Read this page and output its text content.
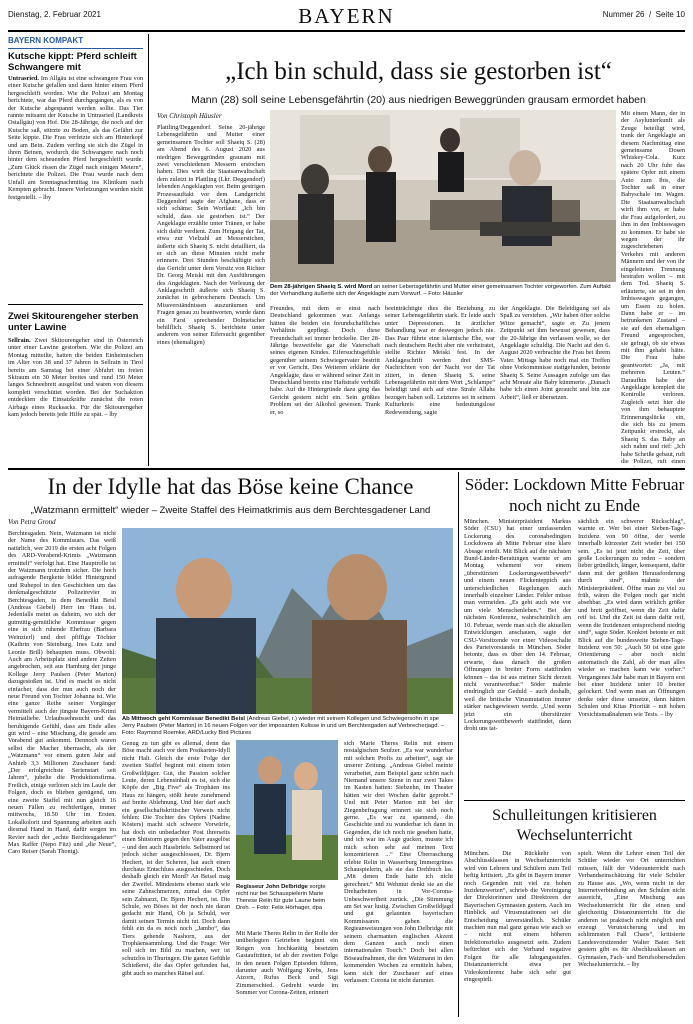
Dienstag, 2. Februar 2021	BAYERN	Nummer 26  /  Seite 10
BAYERN KOMPAKT
Kutsche kippt: Pferd schleift Schwangere mit

Untrasried. Im Allgäu ist eine schwangere Frau von einer Kutsche gefallen und dann hinter einem Pferd hergeschleift worden. Wie die Polizei am Montag berichtete, war das Pferd durchgegangen, als es von der Kutsche abgespannt werden sollte. Das Tier rannte mitsamt der Kutsche in Untrasried (Landkreis Ostallgäu) von Hof. Die 28-Jährige, die noch auf der Kutsche saß, stürzte zu Boden, als das Gefährt zur Seite kippte. Die Frau verfetzte sich am Hinterkopf und am Bein. Zudem verfing sie sich die Zügel in ihren Beinen, wodurch die Schwangere nach noch hinter dem scheuenden Pferd hergeschleift wurde. „Zum Glück rissen die Zügel nach einigen Metern“, berichtete die Polizei. Die Frau wurde nach dem Unfall am Sonntagnachmittag ins Klinikum nach Kempten gebracht. Innere Verletzungen wurden nicht festgestellt. – lby

Zwei Skitourengeher sterben unter Lawine

Sellrain. Zwei Skitourengeher sind in Österreich unter einer Lawine gestorben. Wie die Polizei am Montag mitteilte, hatten die beiden Einheimischen im Alter von 38 und 37 Jahren in Sellrain in Tirol bereits am Samstag bei einer Abfahrt im freien Skiraum ein 30 Meter breites und rund 150 Meter langes Schneebrett ausgelöst und waren von diesem komplett verschüttet worden. Bei der Suchaktion entdeckten die Einsatzkräfte zunächst die roten Airbags eines Rucksacks. Für die Skitourengeher kam jedoch bereits jede Hilfe zu spät. – lby

„Ich bin schuld, dass sie gestorben ist“
Mann (28) soll seine Lebensgefährtin (20) aus niedrigen Beweggründen grausam ermordet haben
Von Christoph Häusler
Plattling/Deggendorf. Seine 20-jährige Lebensgefährtin und Mutter einer gemeinsamen Tochter soll Shaeiq S. (28) am Abend des 6. August 2020 aus niedrigen Beweggründen grausam mit zwei verschiedenen Messern erstochen haben. Dies wirft die Staatsanwaltschaft dem zuletzt in Plattling (Lkr. Deggendorf) lebenden Angeklagten vor. Beim gestrigen Prozessauftakt vor dem Landgericht Deggendorf sagte der Afghane, dass er sich schäme: Sein Wortlaut: „Ich bin schuld, dass sie gestorben ist.“ Der Angeklagte erzählte unter Tränen, er habe sich dafür verdient. Zum Hergang der Tat, etwa zur Vielzahl an Messerstichen, äußerte sich Shaeiq S. nicht detailliert, da er sich an diese Minuten nicht mehr erinnere. Drei Stunden beschäftigte sich das Gericht unter dem Vorsitz von Richter Dr. Georg Meiski mit den Ausführungen des Angeklagten. Nach der Verlesung der Anklageschrift äußerte sich Shaeiq S. zunächst in gebrochenem Deutsch. Um Missverständnissen auszuräumen und Fragen genau zu beantworten, wurde dann ein Farsi sprechender Dolmetscher behilflich. Shaeiq S. berichtete unter anderem von seiner Eifersucht gegenüber eines (ehemaligen)
Dem 28-jährigen Shaeiq S. wird Mord an seiner Lebensgefährtin und Mutter einer gemeinsamen Tochter vorgeworfen. Zum Auftakt der Verhandlung äußerte sich der Angeklagte zum Vorwurf. – Foto: Häusler
Freundes, mit dem er einst nach Deutschland gekommen war. Anfangs hätten die beiden ein freundschaftliches Verhältnis gepflegt. Doch diese Freundschaft sei immer bröckelte. Der 28-Jährige bezweifelte gar die Vaterschaft seines eigenen Kindes. Eifersuchtsgefühle gegenüber seinem Schwiegervater bestritt er vor Gericht. Des Weiteren erklärte der Angeklagte, dass er während seiner Zeit in Deutschland bereits eine Haftstrafe verbüßt habe. Auf die Hintergründe dazu ging das Gericht gestern nicht ein. Sein größtes Problem sei der Alkohol gewesen. Trank er, so
beeinträchtigte dies die Beziehung zu seiner Lebensgefährtin stark. Er leide auch unter Depressionen. In ärztlicher Behandlung war er deswegen jedoch nie. Das Paar führte eine islamische Ehe, war nach deutschem Recht aber nie verheiratet, stellte Richter Meiski fest. In der Anklageschrift werden drei SMS-Nachrichten von der Nacht vor der Tat zitiert, in denen Shaeiq S. seine Lebensgefährtin mit dem Wort „Schlampe“ beleidigt und sich auf eine Strafe Allahs bezogen haben soll. Letzteres sei in seinem Kulturkreis eine bedeutungslose Redewendung, sagte
der Angeklagte. Die Beleidigung sei als Spaß zu verstehen. „Wir haben öfter solche Witze gemacht“, sagte er. Zu jenem Zeitpunkt sei ihm bewusst gewesen, dass die 20-Jährige ihn verlassen wolle, so der Angeklagte schuldig. Die Nacht auf den 6. August 2020 verbrachte die Frau bei ihrem Vater. Mittags habe noch mal ein Treffen ohne Vorkommnisse stattgefunden, betonte Shaeiq S. Seine Aussagen zufolge um das acht Monate alte Baby kümmerte. „Danach habe ich einen Joint geraucht und bin zur Arbeit“, ließ er übersetzen.
Mit einem Mann, der in der Asylunterkunft als Zeuge beteiligt wird, trank der Angeklagte an diesem Nachmittag eine gemeinsame Dosen Whiskey-Cola. Kurz nach 20 Uhr fuhr das spätere Opfer mit einem Auto zum Ibis, die Tochter saß in einer Babyschale im Wagen. Die Staatsanwaltschaft wirft ihm vor, er habe die Frau aufgefordert, zu ihm in den Imbisswagen zu kommen. Er habe sie wegen der ihr zugeschriebenen Verkehrs mit anderen Männern und der von ihr eingeleiteten Trennung bestrafen wollen – mit dem Tod. Shaeiq S. erläuterte, sie sei in den Imbisswagen gegangen, um Essen zu holen. Dann habe er – im betrunkenen Zustand – sie auf den ehemaligen Freund angesprochen, sie gefragt, ob sie etwas mit ihm gehabt hätte. Die Frau habe geantwortet: „Ja, mit mehreren Leuten.“ Daraufhin habe der Angeklagte komplett die Kontrolle verloren. Zugleich setzt hier die von ihm behauptete Erinnerungslücke ein, die sich bis zu jenem Zeitpunkt erstreckt, als Shaeiq S. das Baby an sich nahm und rief: „Ich habe Scheiße gebaut, ruft die Polizei, ruft einen
In der Idylle hat das Böse keine Chance
„Watzmann ermittelt“ wieder – Zweite Staffel des Heimatkrimis aus dem Berchtesgadener Land
Von Petra Grond
Berchtesgaden. Nein, Watzmann ist nicht der Name des Kommissars. Das weiß natürlich, wer 2019 die ersten acht Folgen des ARD-Vorabend-Krimis „Watzmann ermittelt“ verfolgt hat. Eine Hauptrolle ist der Watzmann trotzdem sicher. Die hoch aufragende Bergkette bildet Hintergrund und Ruhepol in den Geschichten um das denkmalgeschützte Polizeirevier in Berchtesgaden, in dem Benedikt Beisl (Andreas Giebel) Herr im Haus ist. Jedenfalls meint as daheim, wo sich der gutmütig-gemütliche Kommissar gegen eine in sich ruhende Ehefrau (Barbara Weinzierl) und drei pfiffige Töchter (Kathrin von Steinburg, Ines Lutz und Leonie Brill) behaupten muss. Obwohl: Auch am Arbeitsplatz sind andere Zeiten angebrochen, seit aus Hamburg der junge Kollege Jerry Paulsen (Peter Marton) dazugestoßen ist. Und es macht es nicht einfacher, dass der nun auch noch der neue Freund von Tochter Johanna ist. Wie eine ganze Reihe seiner Vorgänger vermittelt auch der jüngste Bayern-Krimi Heimatliebe. Urlaubssehnsucht und das beruhigende Gefühl, dass am Ende alles gut wird – eine Mischung, die gerade am Vorabend gut ankommt. Dennoch waren selbst die Macher überrascht, als der „Watzmann“ vor einem guten Jahr auf Anhieb 3,3 Millionen Zuschauer fand: „Der erfolgreichste Serienstart seit Jahren“, jubelte die Produktionsfirma. Freilich, einige verloren sich im Laufe der Folgen, doch es blieben genügend, um eine zweite Staffel mit nun gleich 16 neuen Fällen zu rechtfertigen, immer mittwochs, 18.50 Uhr im Ersten. Lokalkolorit und Spannung arbeiten auch diesmal Hand in Hand, dafür sorgen im Revier nach der „echte Berchtesgadener“ Max Raffer (Nepo Fitz) und „die Neue“, Caro Reiser (Sarah Thonig).
Ab Mittwoch geht Kommissar Benedikt Beisl (Andreas Giebel, r.) wieder mit seinem Kollegen und Schwiegersohn in spe Jerry Paulsen (Peter Marton) in 16 neuen Folgen vor der imposanten Kulisse in und um Berchtesgaden auf Verbrecherjagd. – Foto: Raymond Roemke, ARD/Lucky Bird Pictures
Genug zu tun gibt es allemal, denn das Böse macht auch vor dem Postkarten-Idyll nicht Halt. Gleich die erste Folge der zweiten Staffel beginnt mit einem toten Großwildjäger. Gut, die Passion solcher Leute, deren Lebensinhalt es ist, sich die Köpfe der „Big Five“ als Trophäen ins Haus zu hängen, stößt heute zunehmend auf breite Ablehnung. Und hier darf auch ein gesellschaftskritischer Verweis nicht fehlen: Die Tochter des Opfers (Nadine Kösters) macht sich schwere Vorwürfe, hat doch ein unbedachter Post ihrerseits einen Shitstorm gegen den Vater ausgelöst – und den auch Hassbriefe. Selbstmord ist jedoch sicher ausgeschlossen, Dr. Bjern Hechert, ist der Scheren, hat auch einen durchaus Entschluss ausgeschieden. Doch deshalb gleich ein Mord? An Beisel mag der Zweifel. Mindestens ebenso stark wie seine Zahnschmerzen, zumal das Opfer sein Zahnarzt, Dr. Bjern Hechert, ist. Die Schule, wo Böses ist der noch nie daran gedacht mir Hand, Ob ja Schuld, wer damit seinen Termin nicht tut. Doch dann fehlt ein da es noch noch „Jambo“, das Tiers gehende Nashorn, aus der Trophäensammlung. Und die Frage: Wer soll sich im Bild zu machen, wer ist schutzlos in Thuringen. Die ganze Gefühle Schießerei, die das Opfer gefunden hat, gibt auch so manches Rätsel auf.
Regisseur John Delbridge sorgte nicht nur bei Schauspielerin Marie Therese Relin für gute Laune beim Dreh. – Foto: Felix Hörhager, dpa
Mit Marie Theres Relin in der Rolle der unüberlegten Getrieben beginnt ein Reigen von hochkarätig besetzten Gastauftritten, ist ab der zweiten Folge in den neuen Folgen Episoden führen, darunter auch Wolfgang Krebs, Jens Atzorn, Rufus Beck und Sigi Zimmerschied. Gedreht wurde im Sommer vor Corona-Zeiten, erinnert
sich Marie Theres Relin mit einem nostalgischen Seufzer. „Es war wunderbar mit solchen Profis zu arbeiten“, sagt sie unserer Zeitung. „Andreas Giebel meinte verarbeitet, zum Beispiel ganz schön nach Niemand unsere Szene in nur zwei Takes im Kasten hatten: Siebzehn, im Theater hätten wir drei Wochen dafür geprobt.“ Und mit Peter Marton mit bei der Ziegenbefragung erinnert sie sich noch gerne. „Es war zu spannend, die Geschichte und zu wunderbar ich dann in Gegenden, die ich noch nie gesehen hatte, und ich war im Auge gucken, musste ich mich schon sehr auf meinen Text konzentrieren ...“ Eine Überraschung erlebte Relin in Wasserburg Immergrünes Schauspielerin, als sie das Drehbuch las. „Mit denen Ende hatte ich nicht gerechnet.“ Mit Wehmut denkt sie an die Dreharbeiten in Vor-Corona-Unbeschwertheit zurück. „Die Stimmung am Set war lustig. Zwischen Großwildjagd und gut gelaunten bayerischen Kommissaren gaben die Regieanweisungen von John Delbridge mit seinem charmanten englischen Akzent dem Ganzen auch noch einen internationalen Touch.“ Doch bei allen Böseaufnahmen, die den Watzmann in den kommenden Wochen zu ermitteln haben, kann sich der Zuschauer auf eines verlassen: Corona ist nicht darunter.
Söder: Lockdown Mitte Februar noch nicht zu Ende
München. Ministerpräsident Markus Söder (CSU) hat einer umfassenden Lockerung des coronabedingten Lockdowns ab Mitte Februar eine klare Absage erteilt. Mit Blick auf die nächsten Bund-Länder-Beratungen warnte er am Montag vehement vor einem „überstürzten Lockerungswettbewerb“ und einem neuen Flickenteppich aus unterschiedlichen Regelungen auch innerhalb einzelner Länder. Fehler müsse man vermeiden. „Es geht auch wie vor um viele Menschenleben.“ Bei der nächsten Konferenz, wahrscheinlich am 10. Februar, werde man sich die aktuellen Entwicklungen anschauen, sagte der CSU-Vorsitzende vor einer Videoschalte des Parteivorstands in München. Söder betonte, dass es über den 14. Februar, erwarte, dass danach die großen Öffnungen in breiter Form stattfinden können – das ist aus meiner Sicht derzeit nicht verantwortbar.“ Söder mahnte eindringlich zur Geduld – auch deshalb, weil die britische Virusmutation immer stärker nachgewiesen werde. „Und wenn jetzt ein überstürzter Lockerungswettbewerb stattfindet, dann droht uns tat-
sächlich ein schwerer Rückschlag“, warnte er. Wer bei einer Sieben-Tage-Inzidenz von 90 öffne, der werde innerhalb kürzester Zeit wieder bei 150 sein. „Es ist jetzt nicht die Zeit, über große Lockerungen zu reden – sondern lieber gründlich, länger, konsequent, dafür dann mit der größten Herausforderung durch sind“, mahnte der Ministerpräsident. Öffne man zu viel zu früh, wären die Folgen noch gar nicht absehbar. „Es wird dann wirklich größer und breit geöffnet, wenn die Zeit dafür reif ist. Und die Zeit ist dann dafür reif, wenn die Inzidenzen entsprechend niedrig sind“, sagte Söder. Konkret betonte er mit Blick auf die bundesweite Sieben-Tage-Inzidenz von 50: „Auch 50 ist eine gute Orientierung – aber noch nicht automatisch die Zahl, ab der man alles wieder so machen kann wie vorher.“ Vergangenes Jahr habe man in Bayern erst bei einer Inzidenz unter 10 breiter gelockert. Und wenn man an Öffnungen denke oder diese umsetze, dann hätten Schulen und Kitas Priorität – mit hohen Vorsichtsmaßnahmen wie Tests. – lby
Schulleitungen kritisieren Wechselunterricht
München. Die Rückkehr von Abschlussklassen in Wechselunterricht wird von Lehrern und Schülern zum Teil heftig kritisiert. „Es gibt in Bayern immer noch Gegenden mit viel zu hohen Inzidenzwerten“, schrieb die Vereinigung der Direktorinnen und Direktoren der Bayerischen Gymnasien gestern. Auch im Hinblick auf Virusmutationen sei die Entscheidung unverständlich. Schüler machten nun mal ganz genau wie auch so – nicht mit einem höheren Infektionsrisiko ausgesetzt sein. Zudem befürchtet sich der Verband negative Folgen für alle Jahrgangsstufen. Distanzunterricht etwa per Videokonferenz habe sich sehr gut eingespielt.
spielt. Wenn die Lehrer einen Teil der Schüler wieder vor Ort unterrichten müssen, fällt der Videounterricht nach Verbandseinschätzung für viele Schüler zu Hause aus. „Wo, wenn nicht in der Internetverbindung an den Schulen nicht ausreicht, „Eine Mischung aus Wechselunterricht für die einen und gleichzeitig Distanzunterricht für die anderen ist praktisch nicht möglich und erzeugt Verunsicherung und im schlimmsten Fall Chaos“, kritisierte Landesvorsitzender Walter Baier. Seit gestern gibt es für Abschlussklassen an Gymnasien, Fach- und Berufsoberschulen Wechselunterricht. – lby
